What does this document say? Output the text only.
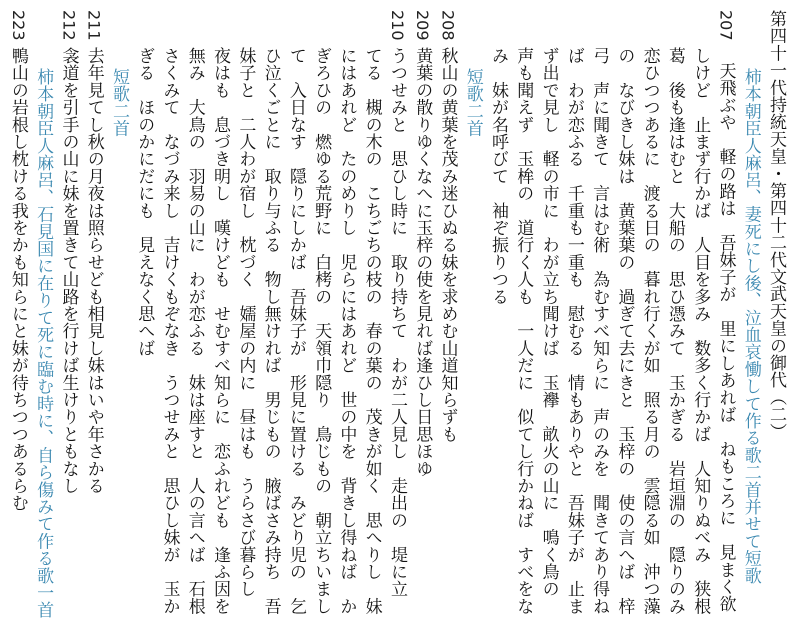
第四十一代持統天皇・第四十二代文武天皇の御代（二）
柿本朝臣人麻呂、妻死にし後、泣血哀慟して作る歌二首并せて短歌
207
天飛ぶや　軽の路は　吾妹子が　里にしあれば　ねもころに　見まく欲
しけど　止まず行かば　人目を多み　数多く行かば　人知りぬべみ　狭根
葛　後も逢はむと　大船の　思ひ憑みて　玉かぎる　岩垣淵の　隠りのみ
恋ひつつあるに　渡る日の　暮れ行くが如　照る月の　雲隠る如　沖つ藻
の　なびきし妹は　黄葉葉の　過ぎて去にきと　玉梓の　使の言へば　梓
弓　声に聞きて　言はむ術　為むすべ知らに　声のみを　聞きてあり得ね
ば　わが恋ふる　千重も一重も　慰むる　情もありやと　吾妹子が　止ま
ず出で見し　軽の市に　わが立ち聞けば　玉襷　畝火の山に　鳴く鳥の
声も聞えず　玉桙の　道行く人も　一人だに　似てし行かねば　すべをな
み　妹が名呼びて　袖ぞ振りつる
短歌二首
208
秋山の黄葉を茂み迷ひぬる妹を求めむ山道知らずも
209
黄葉の散りゆくなへに玉梓の使を見れば逢ひし日思ほゆ
210
うつせみと　思ひし時に　取り持ちて　わが二人見し　走出の　堤に立
てる　槻の木の　こちごちの枝の　春の葉の　茂きが如く　思へりし　妹
にはあれど　たのめりし　児らにはあれど　世の中を　背きし得ねば　か
ぎろひの　燃ゆる荒野に　白栲の　天領巾隠り　鳥じもの　朝立ちいまし
て　入日なす　隠りにしかば　吾妹子が　形見に置ける　みどり児の　乞
ひ泣くごとに　取り与ふる　物し無ければ　男じもの　腋ばさみ持ち　吾
妹子と　二人わが宿し　枕づく　嬬屋の内に　昼はも　うらさび暮らし
夜はも　息づき明し　嘆けども　せむすべ知らに　恋ふれども　逢ふ因を
無み　大鳥の　羽易の山に　わが恋ふる　妹は座すと　人の言へば　石根
さくみて　なづみ来し　吉けくもぞなき　うつせみと　思ひし妹が　玉か
ぎる　ほのかにだにも　見えなく思へば
短歌二首
211
去年見てし秋の月夜は照らせども相見し妹はいや年さかる
212
衾道を引手の山に妹を置きて山路を行けば生けりともなし
柿本朝臣人麻呂、石見国に在りて死に臨む時に、自ら傷みて作る歌一首
223
鴨山の岩根し枕ける我をかも知らにと妹が待ちつつあるらむ
